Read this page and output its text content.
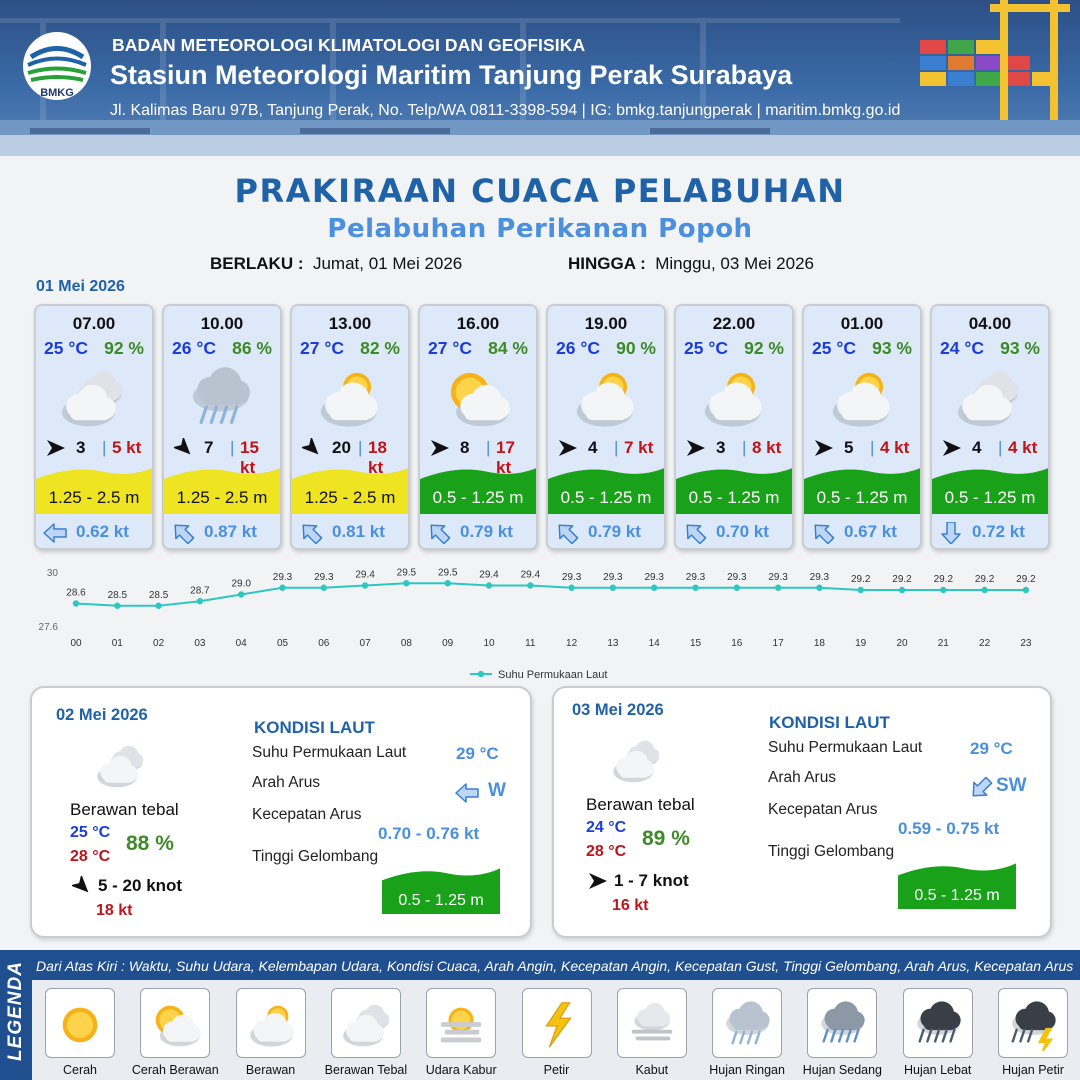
BMKG
BADAN METEOROLOGI KLIMATOLOGI DAN GEOFISIKA
Stasiun Meteorologi Maritim Tanjung Perak Surabaya
Jl. Kalimas Baru 97B, Tanjung Perak, No. Telp/WA 0811-3398-594 | IG: bmkg.tanjungperak | maritim.bmkg.go.id
PRAKIRAAN CUACA PELABUHAN
Pelabuhan Perikanan Popoh
BERLAKU : Jumat, 01 Mei 2026	HINGGA : Minggu, 03 Mei 2026
01 Mei 2026
07.00
25 °C 92 %
3 | 5 kt
1.25 - 2.5 m
0.62 kt
10.00
26 °C 86 %
7 | 15 kt
1.25 - 2.5 m
0.87 kt
13.00
27 °C 82 %
20 | 18 kt
1.25 - 2.5 m
0.81 kt
16.00
27 °C 84 %
8 | 17 kt
0.5 - 1.25 m
0.79 kt
19.00
26 °C 90 %
4 | 7 kt
0.5 - 1.25 m
0.79 kt
22.00
25 °C 92 %
3 | 8 kt
0.5 - 1.25 m
0.70 kt
01.00
25 °C 93 %
5 | 4 kt
0.5 - 1.25 m
0.67 kt
04.00
24 °C 93 %
4 | 4 kt
0.5 - 1.25 m
0.72 kt
30
27.6
28.6
00
28.5
01
28.5
02
28.7
03
29.0
04
29.3
05
29.3
06
29.4
07
29.5
08
29.5
09
29.4
10
29.4
11
29.3
12
29.3
13
29.3
14
29.3
15
29.3
16
29.3
17
29.3
18
29.2
19
29.2
20
29.2
21
29.2
22
29.2
23
Suhu Permukaan Laut
02 Mei 2026
Berawan tebal
25 °C
28 °C
88 %
5 - 20 knot
18 kt
KONDISI LAUT
Suhu Permukaan Laut	29 °C
Arah Arus	W
Kecepatan Arus
0.70 - 0.76 kt
Tinggi Gelombang
0.5 - 1.25 m
03 Mei 2026
Berawan tebal
24 °C
28 °C
89 %
1 - 7 knot
16 kt
KONDISI LAUT
Suhu Permukaan Laut	29 °C
Arah Arus	SW
Kecepatan Arus
0.59 - 0.75 kt
Tinggi Gelombang
0.5 - 1.25 m
LEGENDA Dari Atas Kiri : Waktu, Suhu Udara, Kelembapan Udara, Kondisi Cuaca, Arah Angin, Kecepatan Angin, Kecepatan Gust, Tinggi Gelombang, Arah Arus, Kecepatan Arus
Cerah	Cerah Berawan	Berawan	Berawan Tebal	Udara Kabur	Petir	Kabut	Hujan Ringan	Hujan Sedang	Hujan Lebat	Hujan Petir
